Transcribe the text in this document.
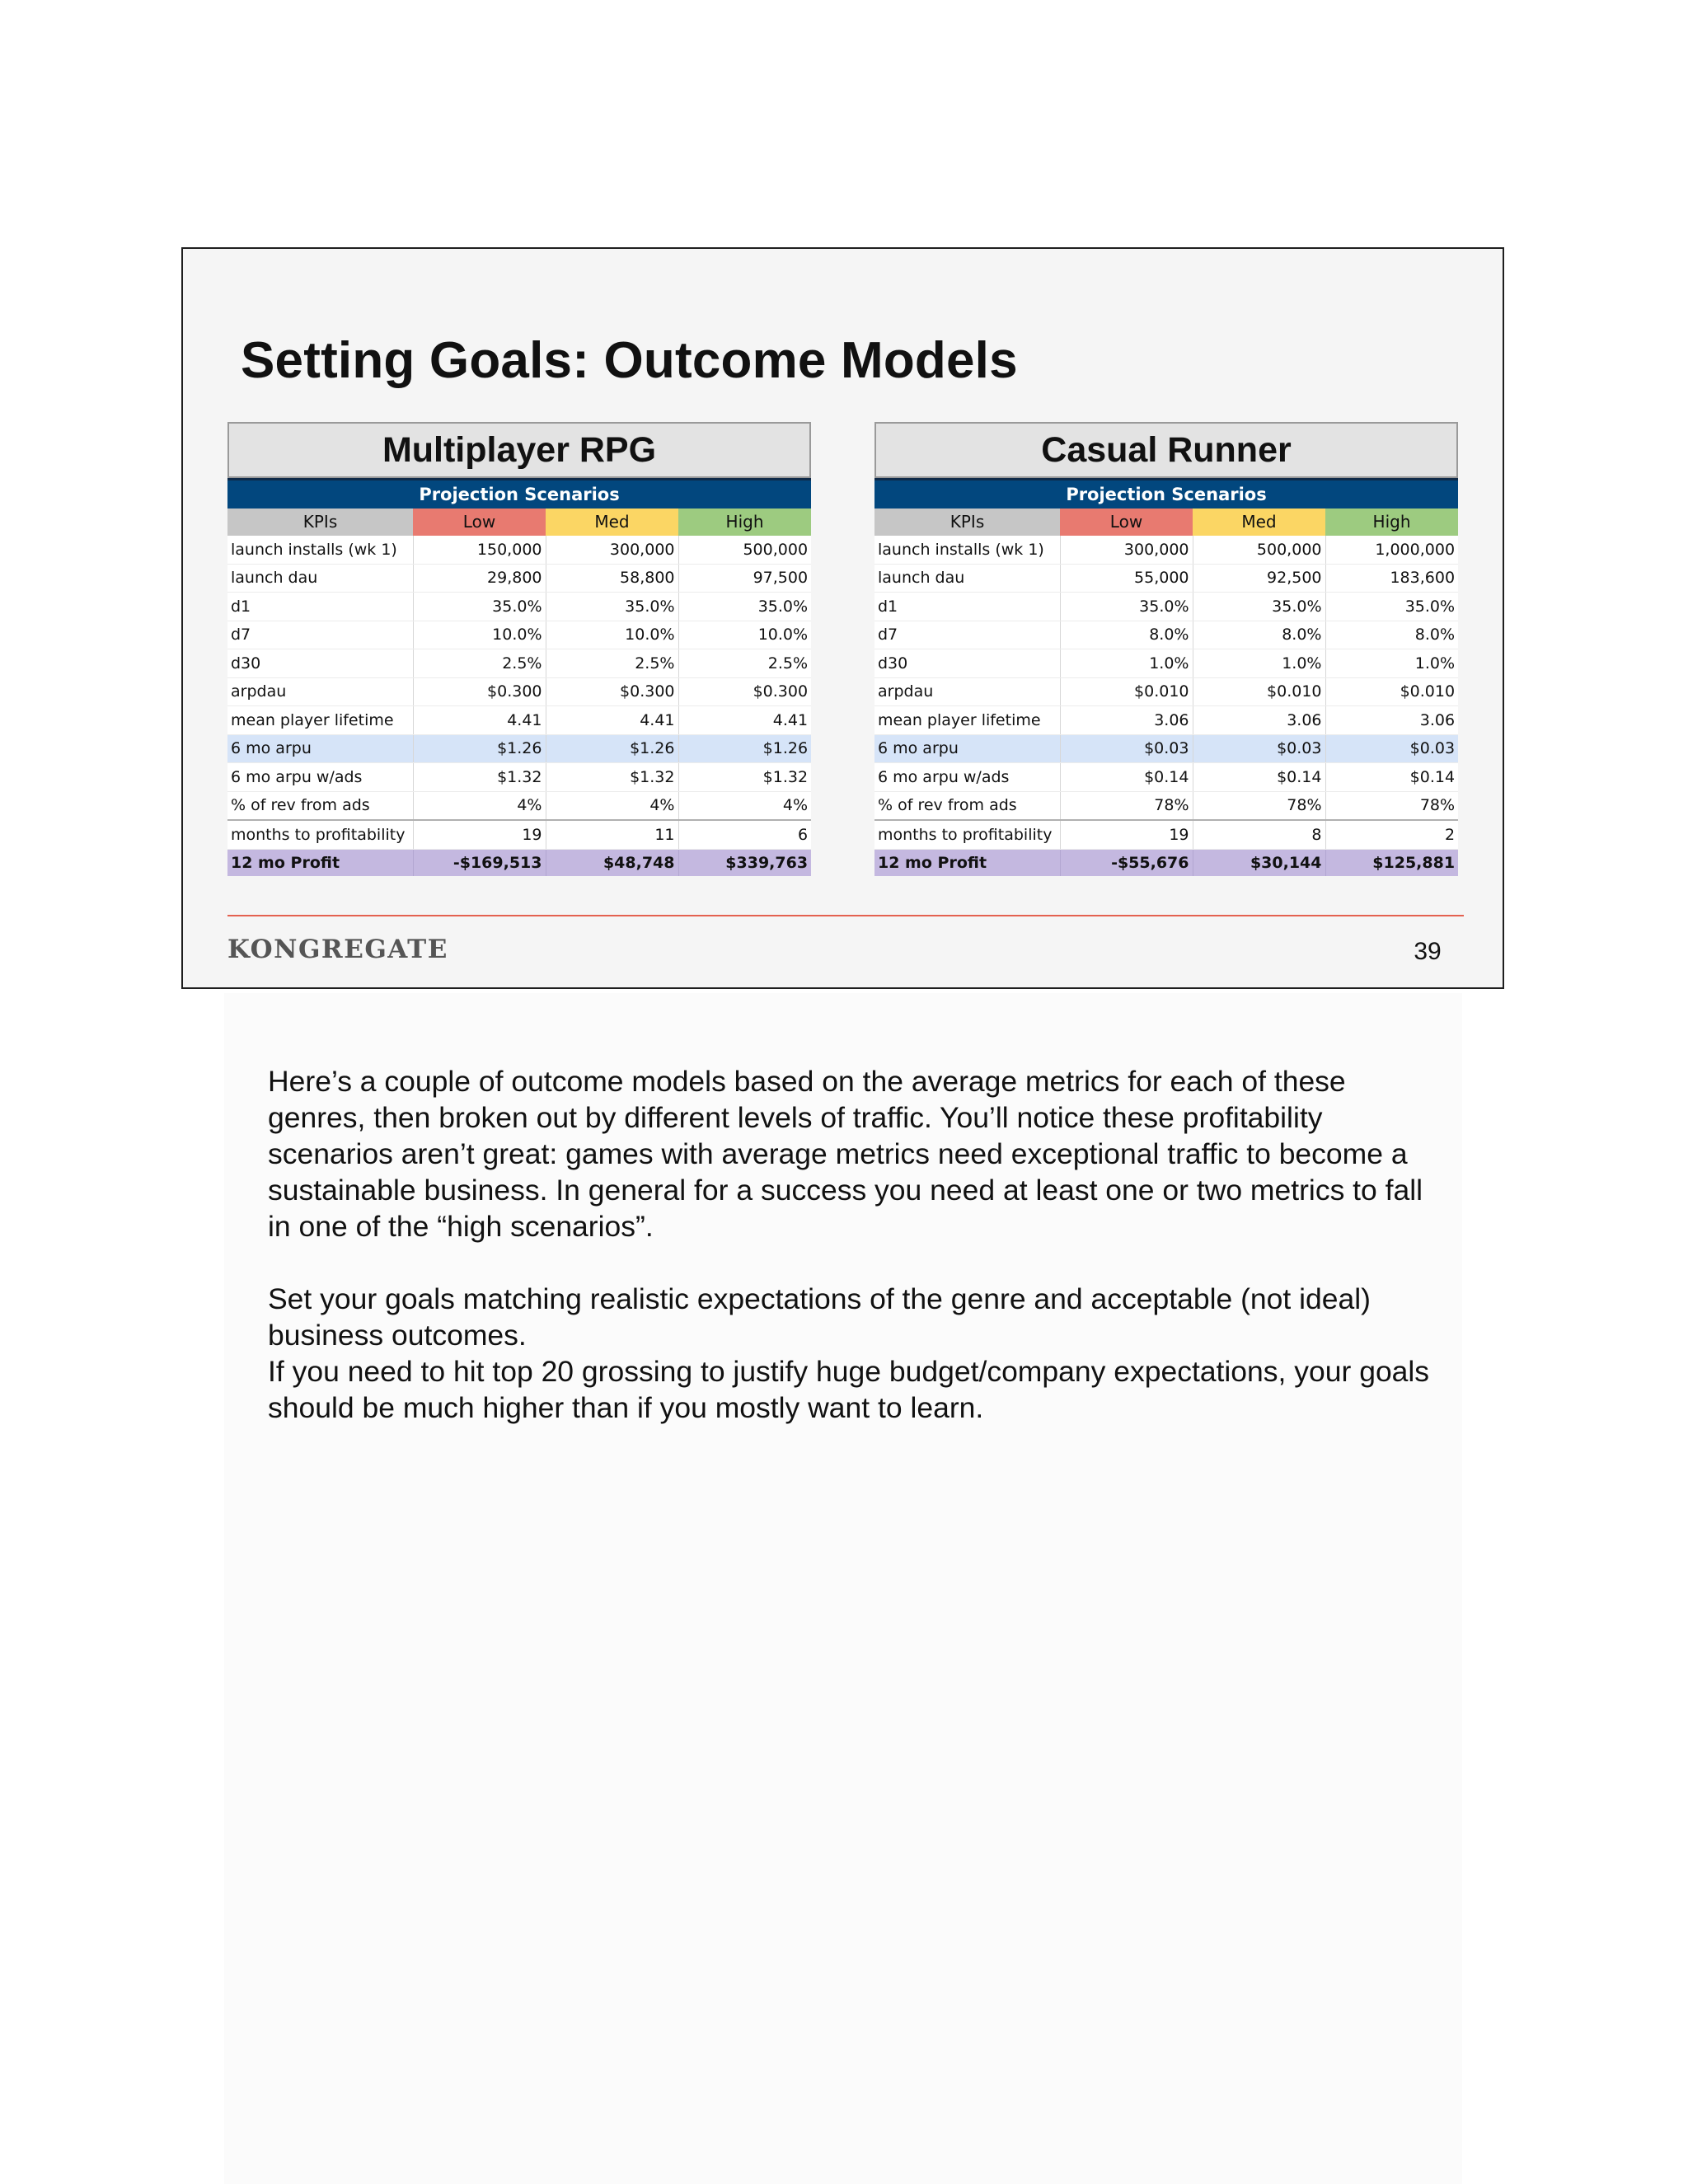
Setting Goals: Outcome Models
Multiplayer RPG
Projection Scenarios			
KPIs	Low	Med	High
launch installs (wk 1)	150,000	300,000	500,000
launch dau	29,800	58,800	97,500
d1	35.0%	35.0%	35.0%
d7	10.0%	10.0%	10.0%
d30	2.5%	2.5%	2.5%
arpdau	$0.300	$0.300	$0.300
mean player lifetime	4.41	4.41	4.41
6 mo arpu	$1.26	$1.26	$1.26
6 mo arpu w/ads	$1.32	$1.32	$1.32
% of rev from ads	4%	4%	4%
months to profitability	19	11	6
12 mo Profit	-$169,513	$48,748	$339,763
Casual Runner
Projection Scenarios			
KPIs	Low	Med	High
launch installs (wk 1)	300,000	500,000	1,000,000
launch dau	55,000	92,500	183,600
d1	35.0%	35.0%	35.0%
d7	8.0%	8.0%	8.0%
d30	1.0%	1.0%	1.0%
arpdau	$0.010	$0.010	$0.010
mean player lifetime	3.06	3.06	3.06
6 mo arpu	$0.03	$0.03	$0.03
6 mo arpu w/ads	$0.14	$0.14	$0.14
% of rev from ads	78%	78%	78%
months to profitability	19	8	2
12 mo Profit	-$55,676	$30,144	$125,881

KONGREGATE	39

Here’s a couple of outcome models based on the average metrics for each of these genres, then broken out by different levels of traffic. You’ll notice these profitability scenarios aren’t great: games with average metrics need exceptional traffic to become a sustainable business. In general for a success you need at least one or two metrics to fall in one of the “high scenarios”.

Set your goals matching realistic expectations of the genre and acceptable (not ideal) business outcomes.

If you need to hit top 20 grossing to justify huge budget/company expectations, your goals should be much higher than if you mostly want to learn.
